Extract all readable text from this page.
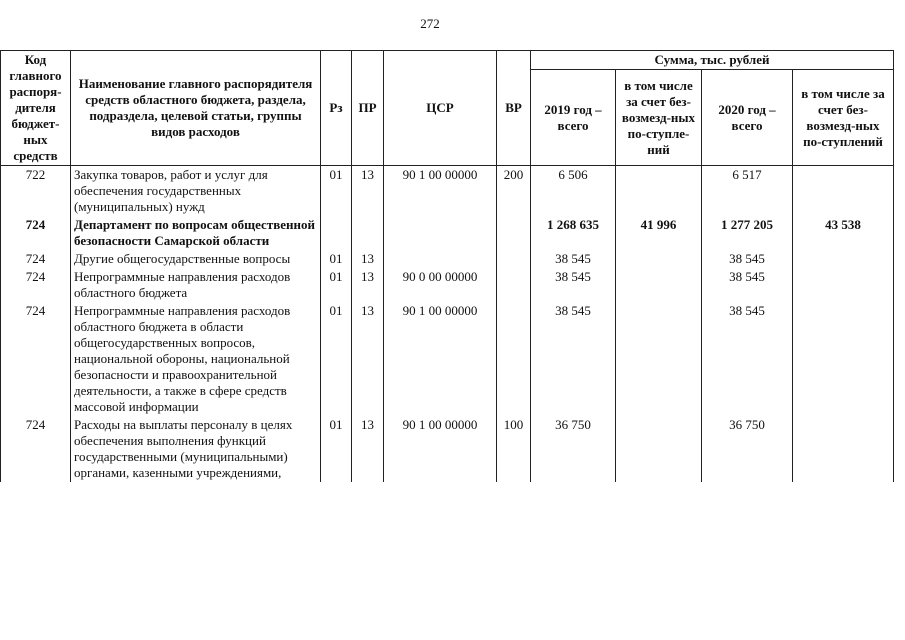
272
Код главного распоря-дителя бюджет-ных средств	Наименование главного распорядителя средств областного бюджета, раздела, подраздела, целевой статьи, группы видов расходов	Рз	ПР	ЦСР	ВР	Сумма, тыс. рублей			
						2019 год – всего	в том числе за счет без-возмезд-ных по-ступле-ний	2020 год – всего	в том числе за счет без-возмезд-ных по-ступлений
722	Закупка товаров, работ и услуг для обеспечения государственных (муниципальных) нужд	01	13	90 1 00 00000	200	6 506		6 517	
724	Департамент по вопросам общественной безопасности Самарской области					1 268 635	41 996	1 277 205	43 538
724	Другие общегосударственные вопросы	01	13			38 545		38 545	
724	Непрограммные направления расходов областного бюджета	01	13	90 0 00 00000		38 545		38 545	
724	Непрограммные направления расходов областного бюджета в области общегосударственных вопросов, национальной обороны, национальной безопасности и правоохранительной деятельности, а также в сфере средств массовой информации	01	13	90 1 00 00000		38 545		38 545	
724	Расходы на выплаты персоналу в целях обеспечения выполнения функций государственными (муниципальными) органами, казенными учреждениями,	01	13	90 1 00 00000	100	36 750		36 750	
